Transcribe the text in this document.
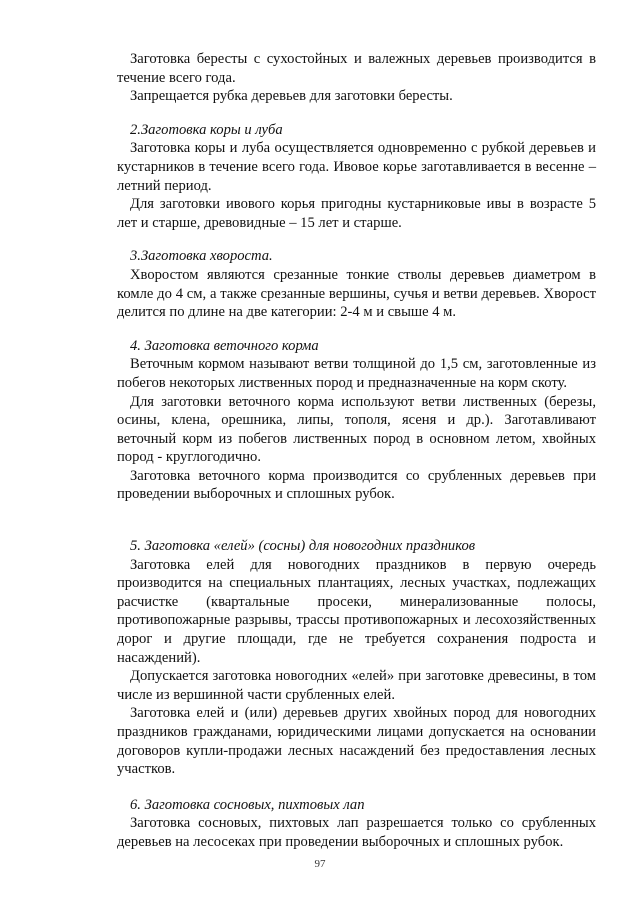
Заготовка бересты с сухостойных и валежных деревьев производится в течение всего года.

Запрещается рубка деревьев для заготовки бересты.

2.Заготовка коры и луба

Заготовка коры и луба осуществляется одновременно с рубкой деревьев и кустарников в течение всего года. Ивовое корье заготавливается в весенне – летний период.

Для заготовки ивового корья пригодны кустарниковые ивы в возрасте 5 лет и старше, древовидные – 15 лет и старше.

3.Заготовка хвороста.

Хворостом являются срезанные тонкие стволы деревьев диаметром в комле до 4 см, а также срезанные вершины, сучья и ветви деревьев. Хворост делится по длине на две категории: 2-4 м и свыше 4 м.

4. Заготовка веточного корма

Веточным кормом называют ветви толщиной до 1,5 см, заготовленные из побегов некоторых лиственных пород и предназначенные на корм скоту.

Для заготовки веточного корма используют ветви лиственных (березы, осины, клена, орешника, липы, тополя, ясеня и др.). Заготавливают веточный корм из побегов лиственных пород в основном летом, хвойных пород - круглогодично.

Заготовка веточного корма производится со срубленных деревьев при проведении выборочных и сплошных рубок.

5. Заготовка «елей» (сосны) для новогодних праздников

Заготовка елей для новогодних праздников в первую очередь производится на специальных плантациях, лесных участках, подлежащих расчистке (квартальные просеки, минерализованные полосы, противопожарные разрывы, трассы противопожарных и лесохозяйственных дорог и другие площади, где не требуется сохранения подроста и насаждений).

Допускается заготовка новогодних «елей» при заготовке древесины, в том числе из вершинной части срубленных елей.

Заготовка елей и (или) деревьев других хвойных пород для новогодних праздников гражданами, юридическими лицами допускается на основании договоров купли-продажи лесных насаждений без предоставления лесных участков.

6. Заготовка сосновых, пихтовых лап

Заготовка сосновых, пихтовых лап разрешается только со срубленных деревьев на лесосеках при проведении выборочных и сплошных рубок.

97
